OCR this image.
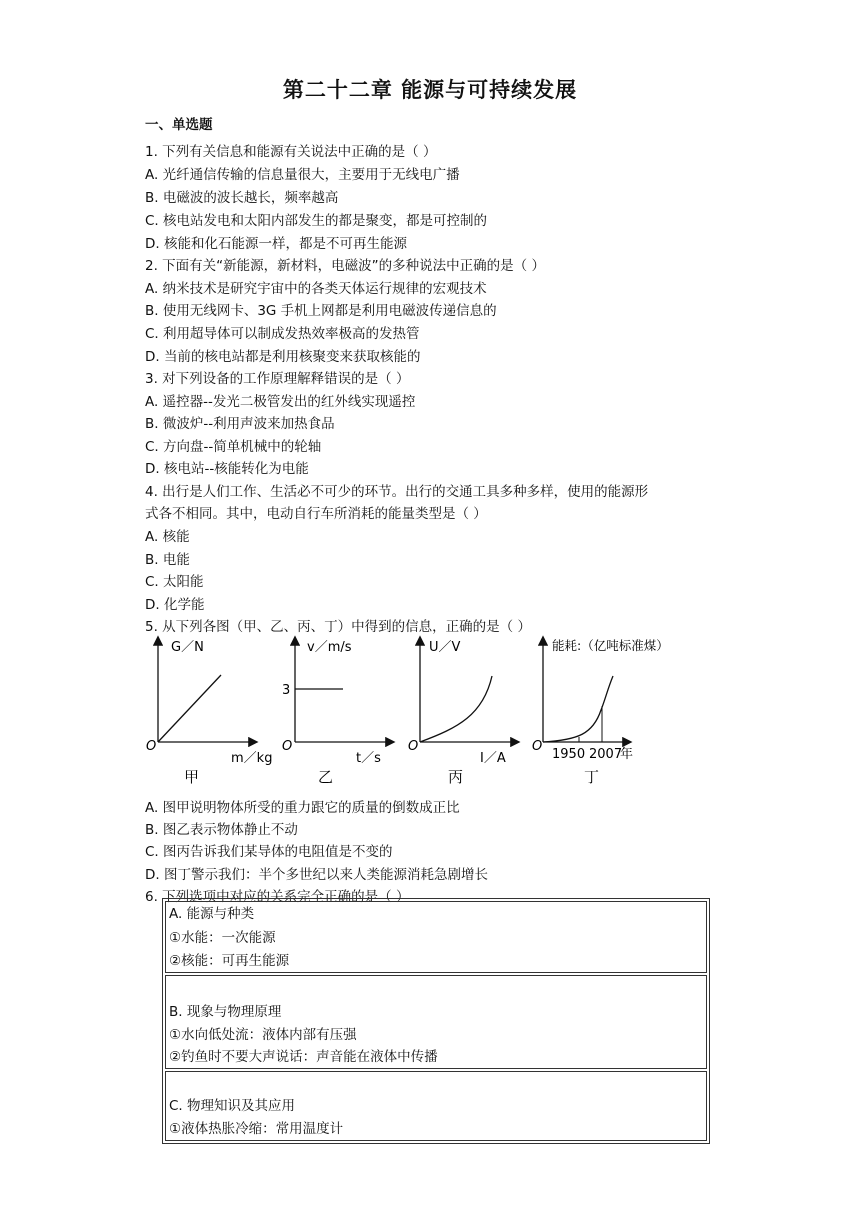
第二十二章 能源与可持续发展
一、单选题
1. 下列有关信息和能源有关说法中正确的是（ ）
A. 光纤通信传输的信息量很大，主要用于无线电广播
B. 电磁波的波长越长，频率越高
C. 核电站发电和太阳内部发生的都是聚变，都是可控制的
D. 核能和化石能源一样，都是不可再生能源
2. 下面有关“新能源，新材料，电磁波”的多种说法中正确的是（ ）
A. 纳米技术是研究宇宙中的各类天体运行规律的宏观技术
B. 使用无线网卡、3G 手机上网都是利用电磁波传递信息的
C. 利用超导体可以制成发热效率极高的发热管
D. 当前的核电站都是利用核聚变来获取核能的
3. 对下列设备的工作原理解释错误的是（ ）
A. 遥控器--发光二极管发出的红外线实现遥控
B. 微波炉--利用声波来加热食品
C. 方向盘--简单机械中的轮轴
D. 核电站--核能转化为电能
4. 出行是人们工作、生活必不可少的环节。出行的交通工具多种多样，使用的能源形
式各不相同。其中，电动自行车所消耗的能量类型是（ ）
A. 核能
B. 电能
C. 太阳能
D. 化学能
5. 从下列各图（甲、乙、丙、丁）中得到的信息，正确的是（ ）
A. 图甲说明物体所受的重力跟它的质量的倒数成正比
B. 图乙表示物体静止不动
C. 图丙告诉我们某导体的电阻值是不变的
D. 图丁警示我们：半个多世纪以来人类能源消耗急剧增长
6. 下列选项中对应的关系完全正确的是（ ）
G／N
O
m／kg
甲
v／m/s
3
O
t／s
乙
U／V
O
I／A
丙
能耗:（亿吨标准煤）
O
1950 2007
年
丁
A. 能源与种类
①水能：一次能源
②核能：可再生能源
B. 现象与物理原理
①水向低处流：液体内部有压强
②钓鱼时不要大声说话：声音能在液体中传播
C. 物理知识及其应用
①液体热胀冷缩：常用温度计
